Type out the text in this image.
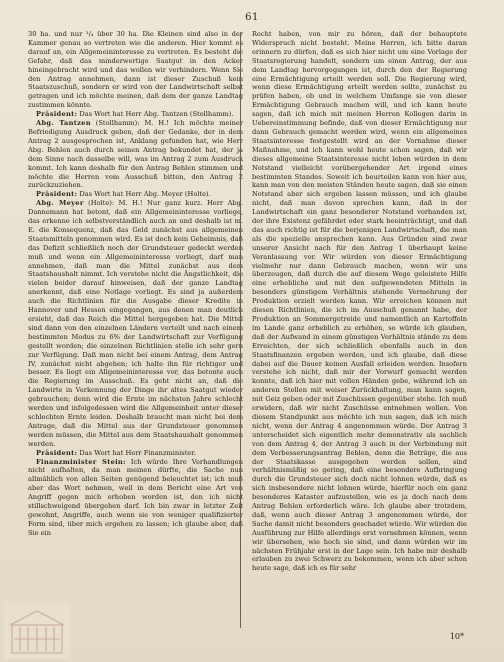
61

30 ha. und nur ³/₄ über 30 ha. Die Kleinen sind also in der Kammer genau so vertreten wie die anderen. Hier kommt es darauf an, ein Allgemeininteresse zu vertreten. Es besteht die Gefahr, daß das minderwertige Saatgut in den Acker hineingebracht wird und das wollen wir verhindern. Wenn Sie den Antrag annehmen, dann ist dieser Zuschuß kein Staatszuschuß, sondern er wird von der Landwirtschaft selbst getragen und ich möchte meinen, daß dem der ganze Landtag zustimmen könnte.

Präsident: Das Wort hat Herr Abg. Tantzen (Stollhamm).

Abg. Tantzen (Stollhamm): M. H.! Ich möchte meiner Befriedigung Ausdruck geben, daß der Gedanke, der in dem Antrag 2 ausgesprochen ist, Anklang gefunden hat, wie Herr Abg. Behlen auch durch seinen Antrag bekundet hat, der ja dem Sinne nach dasselbe will, was im Antrag 2 zum Ausdruck kommt. Ich kann deshalb für den Antrag Behlen stimmen und möchte die Herren vom Ausschuß bitten, den Antrag 2 zurückzuziehen.

Präsident: Das Wort hat Herr Abg. Meyer (Holte).

Abg. Meyer (Holte): M. H.! Nur ganz kurz. Herr Abg. Dannemann hat betont, daß ein Allgemeininteresse vorliege, das erkenne ich selbstverständlich auch an und deshalb ist m. E. die Konsequenz, daß das Geld zunächst aus allgemeinen Staatsmitteln genommen wird. Es ist doch kein Geheimnis, daß das Defizit schließlich noch der Grundsteuer gedeckt werden muß und wenn ein Allgemeininteresse vorliegt, darf man annehmen, daß man die Mittel zunächst aus dem Staatshaushalt nimmt. Ich verstehe nicht die Ängstlichkeit, die vielen beider darauf hinweisen, daß der ganze Landtag anerkennt, daß eine Notlage vorliegt. Es sind ja außerdem auch die Richtlinien für die Ausgabe dieser Kredite in Hannover und Hessen eingegangen, aus denen man deutlich ersieht, daß das Reich die Mittel hergegeben hat. Die Mittel sind dann von den einzelnen Ländern verteilt und nach einem bestimmten Modus zu 6% der Landwirtschaft zur Verfügung gestellt worden; die einzelnen Richtlinien stelle ich sehr gern zur Verfügung. Daß man nicht bei einem Antrag, dem Antrag IV, zunächst nicht abgehen; ich halte ihn für richtiger und besser. Es liegt ein Allgemeininteresse vor, das betonte auch die Regierung im Ausschuß. Es geht nicht an, daß die Landwirte in Verkennung der Dinge ihr altes Saatgut wieder gebrauchen; denn wird die Ernte im nächsten Jahre schlecht werden und infolgedessen wird die Allgemeinheit unter dieser schlechten Ernte leiden. Deshalb braucht man nicht bei dem Antrage, daß die Mittel aus der Grundsteuer genommen werden müssen, die Mittel aus dem Staatshaushalt genommen werden.

Präsident: Das Wort hat Herr Finanzminister.

Finanzminister Stein: Ich würde Ihre Verhandlungen nicht aufhalten, da man meinen dürfte, die Sache nun allmählich von allen Seiten genügend beleuchtet ist; ich muß aber das Wort nehmen, weil in dem Bericht eine Art von Angriff gegen mich erhoben worden ist, den ich nicht stillschweigend übergehen darf. Ich bin zwar in letzter Zeit gewohnt, Angriffe, auch wenn sie von weniger qualifizierter Form sind, über mich ergehen zu lassen; ich glaube aber, daß Sie ein

Recht haben, von mir zu hören, daß der behauptete Widerspruch nicht besteht. Meine Herren, ich bitte daran erinnern zu dürfen, daß es sich hier nicht um eine Vorlage der Staatsregierung handelt, sondern um einen Antrag, der aus dem Landtag hervorgegangen ist, durch den der Regierung eine Ermächtigung erteilt werden soll. Die Regierung wird, wenn diese Ermächtigung erteilt werden sollte, zunächst zu prüfen haben, ob und in welchem Umfange sie von dieser Ermächtigung Gebrauch machen will, und ich kann heute sagen, daß ich mich mit meinen Herren Kollegen darin in Uebereinstimmung befinde, daß von dieser Ermächtigung nur dann Gebrauch gemacht werden wird, wenn ein allgemeines Staatsinteresse festgestellt wird an der Vornahme dieser Maßnahme, und ich kann wohl heute schon sagen, daß wir dieses allgemeine Staatsinteresse nicht leben würden in dem Notstand vielleicht vorübergehender Art irgend eines bestimmten Standes. Soweit ich beurteilen kann von hier aus, kann man von den meisten Ständen heute sagen, daß sie einen Notstand aber sich ergeben lassen müssen, und ich glaube nicht, daß man davon sprechen kann, daß in der Landwirtschaft ein ganz besonderer Notstand vorhanden ist, der ihre Existenz gefährdet oder stark beeinträchtigt, und daß das auch richtig ist für die berjenigen Landwirtschaft, die man als die spezielle ansprechen kann. Aus Gründen sind zwar unserer Ansicht nach für den Antrag 1 überhaupt keine Veranlassung vor. Wir würden von dieser Ermächtigung vielmehr nur dann Gebrauch machen, wenn wir uns überzeugen, daß durch die auf diesem Wege geleistete Hilfe eine erhebliche und mit den aufgewendeten Mitteln in besonders günstigem Verhältnis stehende Vermehrung der Produktion erzielt werden kann. Wir erreichen können mit diesen Richtlinien, die ich im Ausschuß genannt habe, der Produktion an Sommergetreide und namentlich an Kartoffeln im Lande ganz erheblich zu erhöhen, so würde ich glauben, daß der Aufwand in einem günstigen Verhältnis stände zu dem Erreichten, der sich schließlich ebenfalls auch in den Staatsfinanzen ergeben werden, und ich glaube, daß diese dabei auf die Dauer keinen Ausfall erleiden werden. Insofern verstehe ich nicht, daß mir der Vorwurf gemacht werden konnte, daß ich hier mit vollen Händen gebe, während ich an anderen Stellen mit weiser Zurückhaltung, man kann sagen, mit Geiz geben oder mit Zuschüssen gegenüber stehe. Ich muß erwidern, daß wir nicht Zuschüsse entnehmen wollen. Von diesem Standpunkt aus möchte ich nun sagen, daß ich mich nicht, wenn der Antrag 4 angenommen würde. Der Antrag 3 unterscheidet sich eigentlich mehr demonstrativ als sachlich von dem Antrag 4, der Antrag 3 auch in der Verbindung mit dem Verbesserungsantrag Behlen, denn die Beträge, die aus der Staatskasse ausgegeben werden sollen, sind verhältnismäßig so gering, daß eine besondere Aufbringung durch die Grundsteuer sich doch nicht lohnen würde, daß es sich insbesondere nicht lohnen würde, hierfür noch ein ganz besonderes Kataster aufzustellen, wie es ja doch nach dem Antrag Behlen erforderlich wäre. Ich glaube aber trotzdem, daß, wenn auch dieser Antrag 3 angenommen würde, der Sache damit nicht besonders geschadet würde. Wir würden die Ausführung zur Hilfe allerdings erst vornehmen können, wenn wir übersehen, wie hoch sie sind, und dann würden wir im nächsten Frühjahr erst in der Lage sein. Ich habe mir deshalb erlauben zu zwei Schwerz zu bekommen, wenn ich aber schon heute sage, daß ich es für sehr

10*
